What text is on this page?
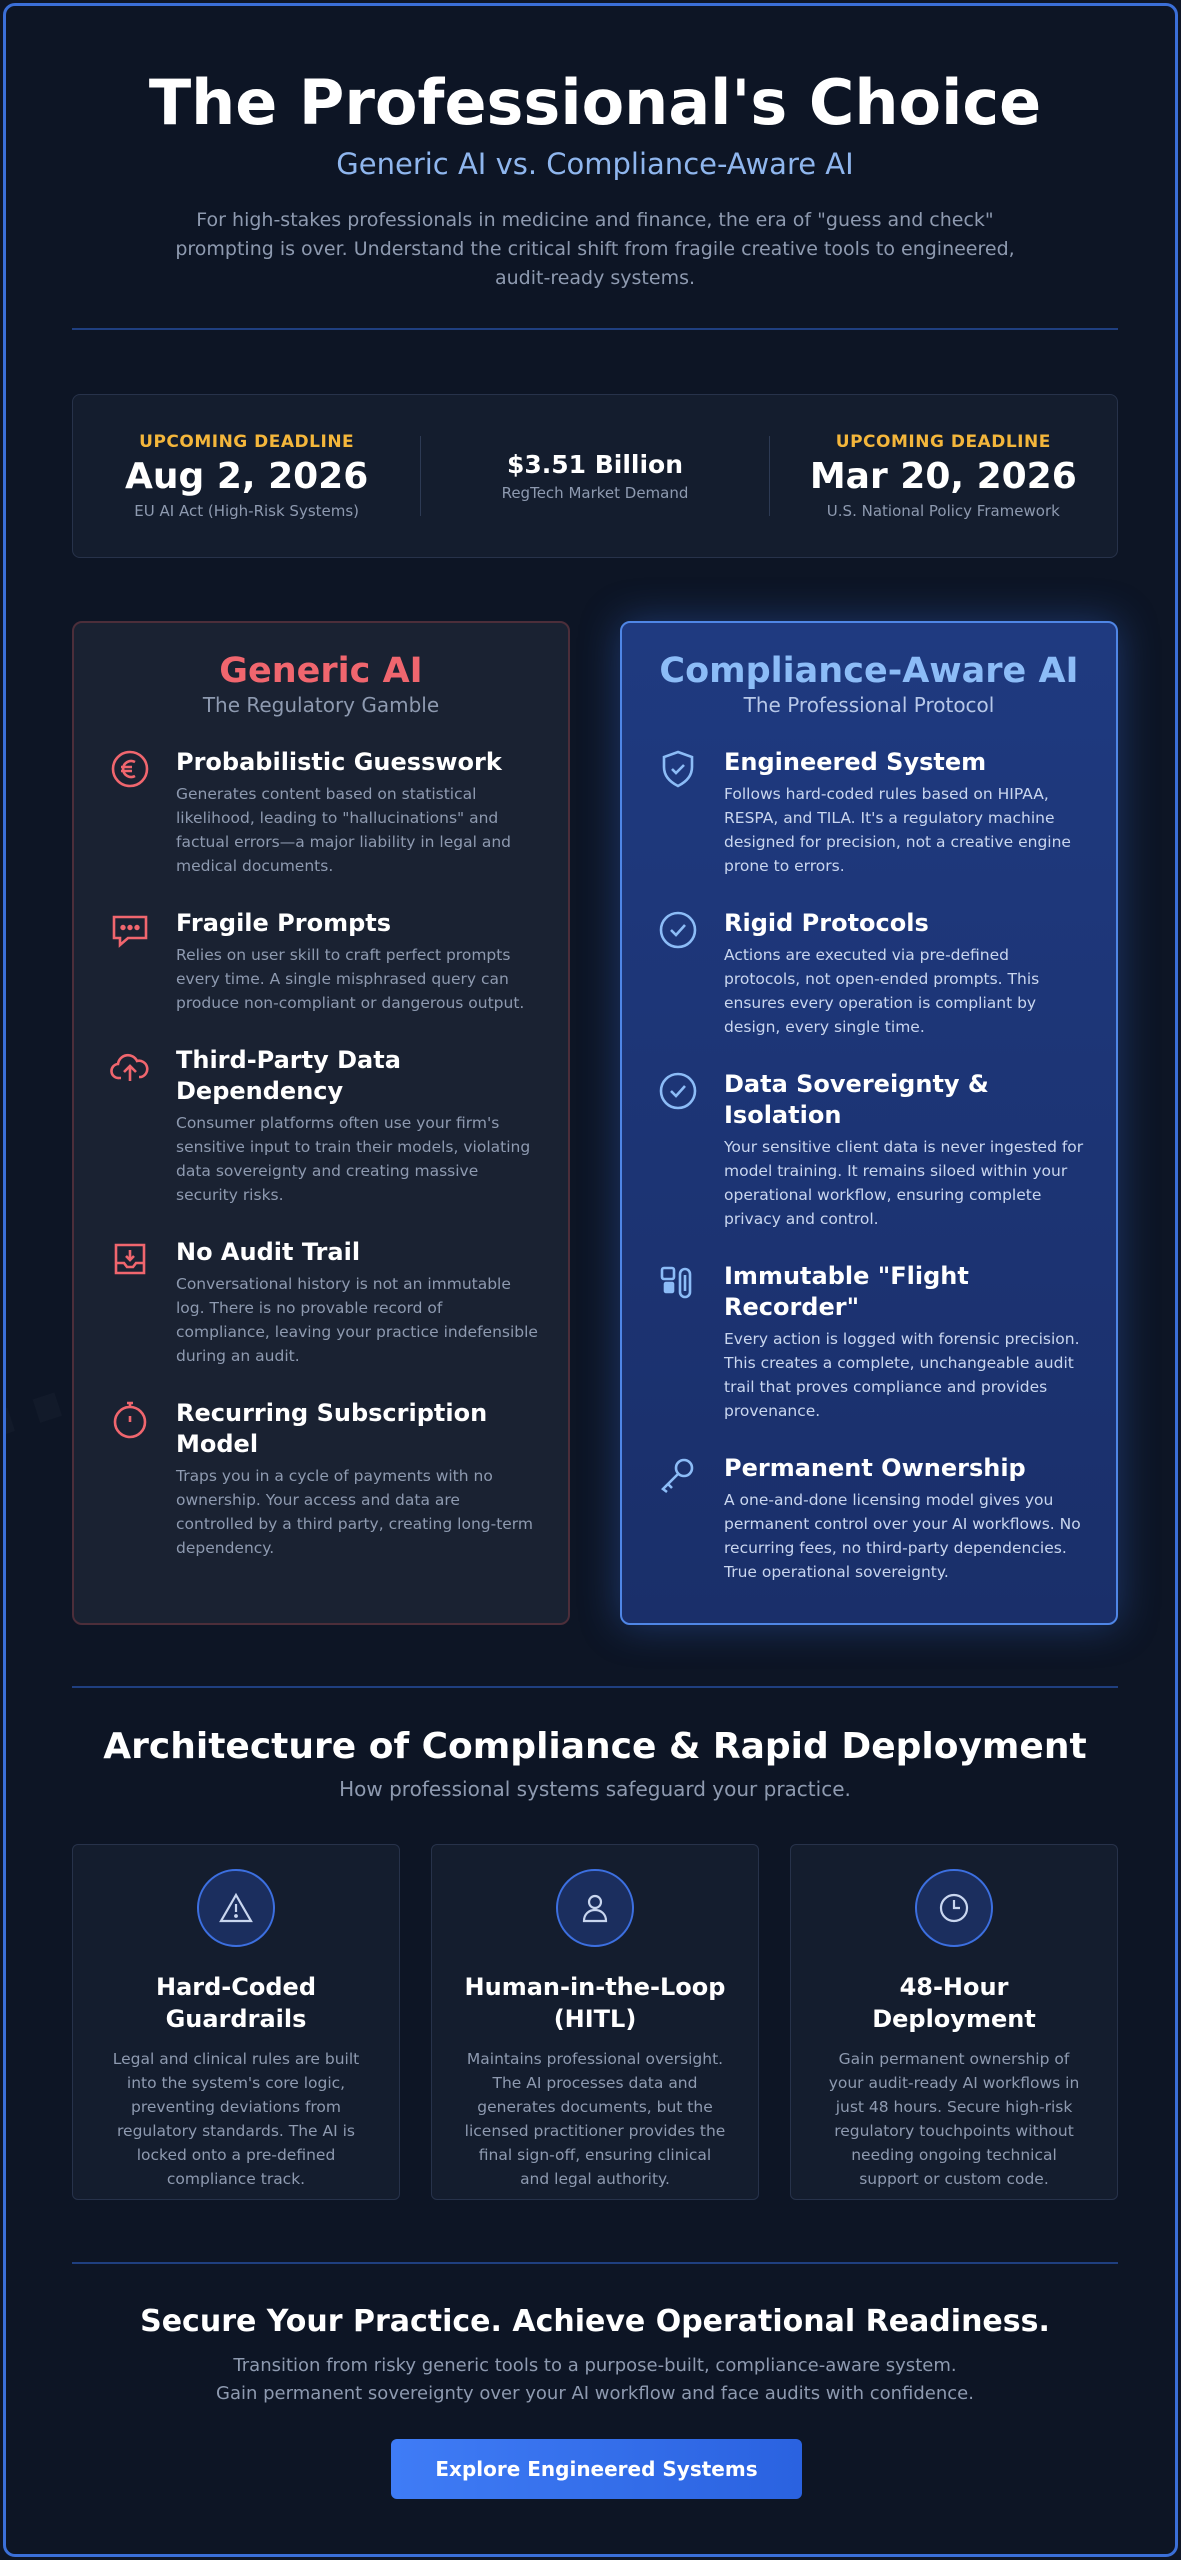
The Professional's Choice
Generic AI vs. Compliance-Aware AI
For high-stakes professionals in medicine and finance, the era of "guess and check" prompting is over. Understand the critical shift from fragile creative tools to engineered, audit-ready systems.
UPCOMING DEADLINE
Aug 2, 2026
EU AI Act (High-Risk Systems)
$3.51 Billion
RegTech Market Demand
UPCOMING DEADLINE
Mar 20, 2026
U.S. National Policy Framework
Generic AI
The Regulatory Gamble
Probabilistic Guesswork
Generates content based on statistical likelihood, leading to "hallucinations" and factual errors—a major liability in legal and medical documents.
Fragile Prompts
Relies on user skill to craft perfect prompts every time. A single misphrased query can produce non-compliant or dangerous output.
Third-Party Data Dependency
Consumer platforms often use your firm's sensitive input to train their models, violating data sovereignty and creating massive security risks.
No Audit Trail
Conversational history is not an immutable log. There is no provable record of compliance, leaving your practice indefensible during an audit.
Recurring Subscription Model
Traps you in a cycle of payments with no ownership. Your access and data are controlled by a third party, creating long-term dependency.
Compliance-Aware AI
The Professional Protocol
Engineered System
Follows hard-coded rules based on HIPAA, RESPA, and TILA. It's a regulatory machine designed for precision, not a creative engine prone to errors.
Rigid Protocols
Actions are executed via pre-defined protocols, not open-ended prompts. This ensures every operation is compliant by design, every single time.
Data Sovereignty & Isolation
Your sensitive client data is never ingested for model training. It remains siloed within your operational workflow, ensuring complete privacy and control.
Immutable "Flight Recorder"
Every action is logged with forensic precision. This creates a complete, unchangeable audit trail that proves compliance and provides provenance.
Permanent Ownership
A one-and-done licensing model gives you permanent control over your AI workflows. No recurring fees, no third-party dependencies. True operational sovereignty.
Architecture of Compliance & Rapid Deployment
How professional systems safeguard your practice.
Hard-Coded Guardrails
Legal and clinical rules are built into the system's core logic, preventing deviations from regulatory standards. The AI is locked onto a pre-defined compliance track.
Human-in-the-Loop (HITL)
Maintains professional oversight. The AI processes data and generates documents, but the licensed practitioner provides the final sign-off, ensuring clinical and legal authority.
48-Hour Deployment
Gain permanent ownership of your audit-ready AI workflows in just 48 hours. Secure high-risk regulatory touchpoints without needing ongoing technical support or custom code.
Secure Your Practice. Achieve Operational Readiness.
Transition from risky generic tools to a purpose-built, compliance-aware system.
Gain permanent sovereignty over your AI workflow and face audits with confidence.
Explore Engineered Systems
